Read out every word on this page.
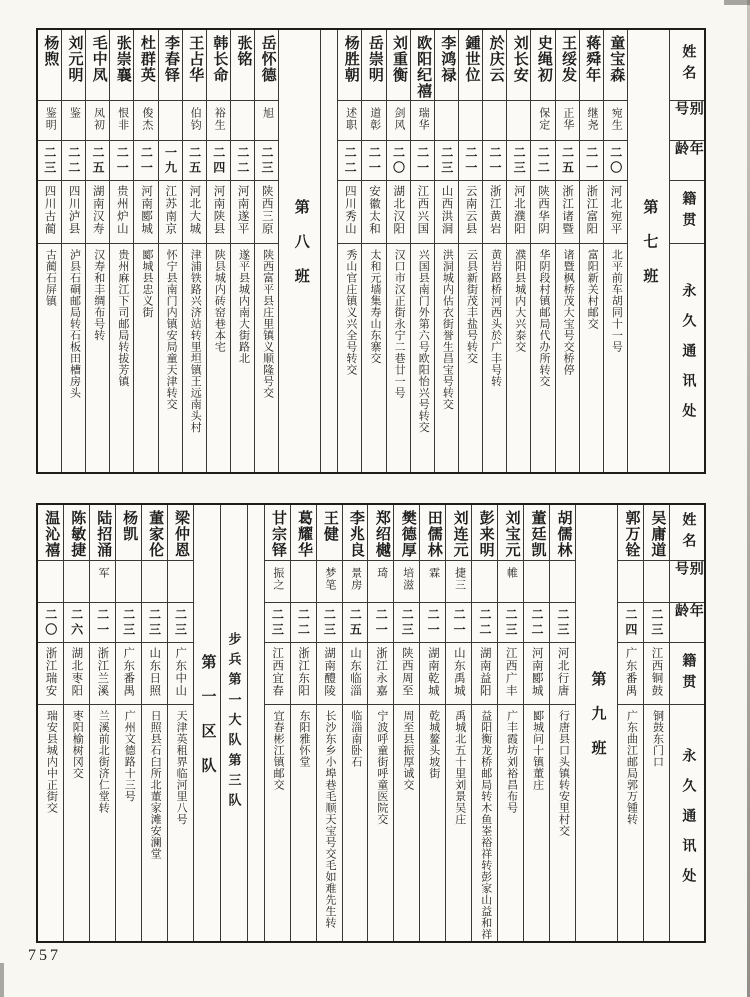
姓名
别号
年龄
籍贯
永久通讯处
第七班
童宝森
宛生
二〇
河北宛平
北平前车胡同十一号
蒋舜年
继尧
二一
浙江富阳
富阳新关村邮交
王绥发
正华
二五
浙江诸暨
诸暨枫桥茂大宝号交桥停
史绳初
保定
二二
陕西华阴
华阴段村镇邮局代办所转交
刘长安
二三
河北濮阳
濮阳县城内大兴泰交
於庆云
二一
浙江黄岩
黄岩路桥河西头於广丰号转
鍾世位
二一
云南云县
云县新街茂丰盐号转交
李鸿禄
二三
山西洪洞
洪洞城内估衣街誉生昌宝号转交
欧阳纪禧
瑞华
二一
江西兴国
兴国县南门外第六号欧阳怡兴号转交
刘重衡
剑风
二〇
湖北汉阳
汉口市汉正街永宁二巷廿一号
岳崇明
道彰
二一
安徽太和
太和元墙集寿山东寨交
杨胜朝
述职
二二
四川秀山
秀山官庄镇义兴全号转交
第八班
岳怀德
旭
二三
陕西三原
陕西富平县庄里镇义顺隆号交
张铭
二二
河南遂平
遂平县城内南大街路北
韩长命
裕生
二四
河南陕县
陕县城内砖窑巷本宅
王占华
伯钧
二五
河北大城
津浦铁路兴济站转里坦镇王远南头村
李春铎
一九
江苏南京
怀宁县南门内镇安局童天津转交
杜群英
俊杰
二一
河南郾城
郾城县忠义街
张崇襄
恨非
二一
贵州炉山
贵州麻江下司邮局转拔芳镇
毛中凤
凤初
二五
湖南汉寿
汉寿和丰绸布号转
刘元明
鉴
二二
四川泸县
泸县石硐邮局转石板田槽房头
杨煦
鉴明
二三
四川古蔺
古蔺石屏镇
姓名
别号
年龄
籍贯
永久通讯处
吴庸道
二三
江西铜鼓
铜鼓东门口
郭万铨
二四
广东番禺
广东曲江邮局郭万锺转
第九班
胡儒林
二三
河北行唐
行唐县口头镇转安里村交
董廷凯
二二
河南郾城
郾城问十镇董庄
刘宝元
帷
二三
江西广丰
广丰霞坊刘裕昌布号
彭来明
二二
湖南益阳
益阳衡龙桥邮局转木鱼峑裕祥转彭家山益和祥
刘连元
捷三
二一
山东禹城
禹城北五十里刘景吴庄
田儒林
霖
二一
湖南乾城
乾城鳌头坡街
樊德厚
培滋
二三
陕西周至
周至县振厚诚交
郑绍樾
琦
二一
浙江永嘉
宁波呼童街呼童医院交
李兆良
景房
二五
山东临淄
临淄南卧石
王健
梦笔
二三
湖南醴陵
长沙东乡小埠巷毛顺天宝号交毛如难先生转
葛耀华
二二
浙江东阳
东阳雅怀堂
甘宗铎
振之
二三
江西宜春
宜春彬江镇邮交
步兵第一大队第三队
第一区队
梁仲恩
二三
广东中山
天津英租界临河里八号
董家伦
二三
山东日照
日照县石臼所北董家滩安澜堂
杨凯
二三
广东番禺
广州文德路十三号
陆招涌
军
二一
浙江兰溪
兰溪前北街济仁堂转
陈敏捷
二六
湖北枣阳
枣阳榆树冈交
温沁禧
二〇
浙江瑞安
瑞安县城内中正街交
757
